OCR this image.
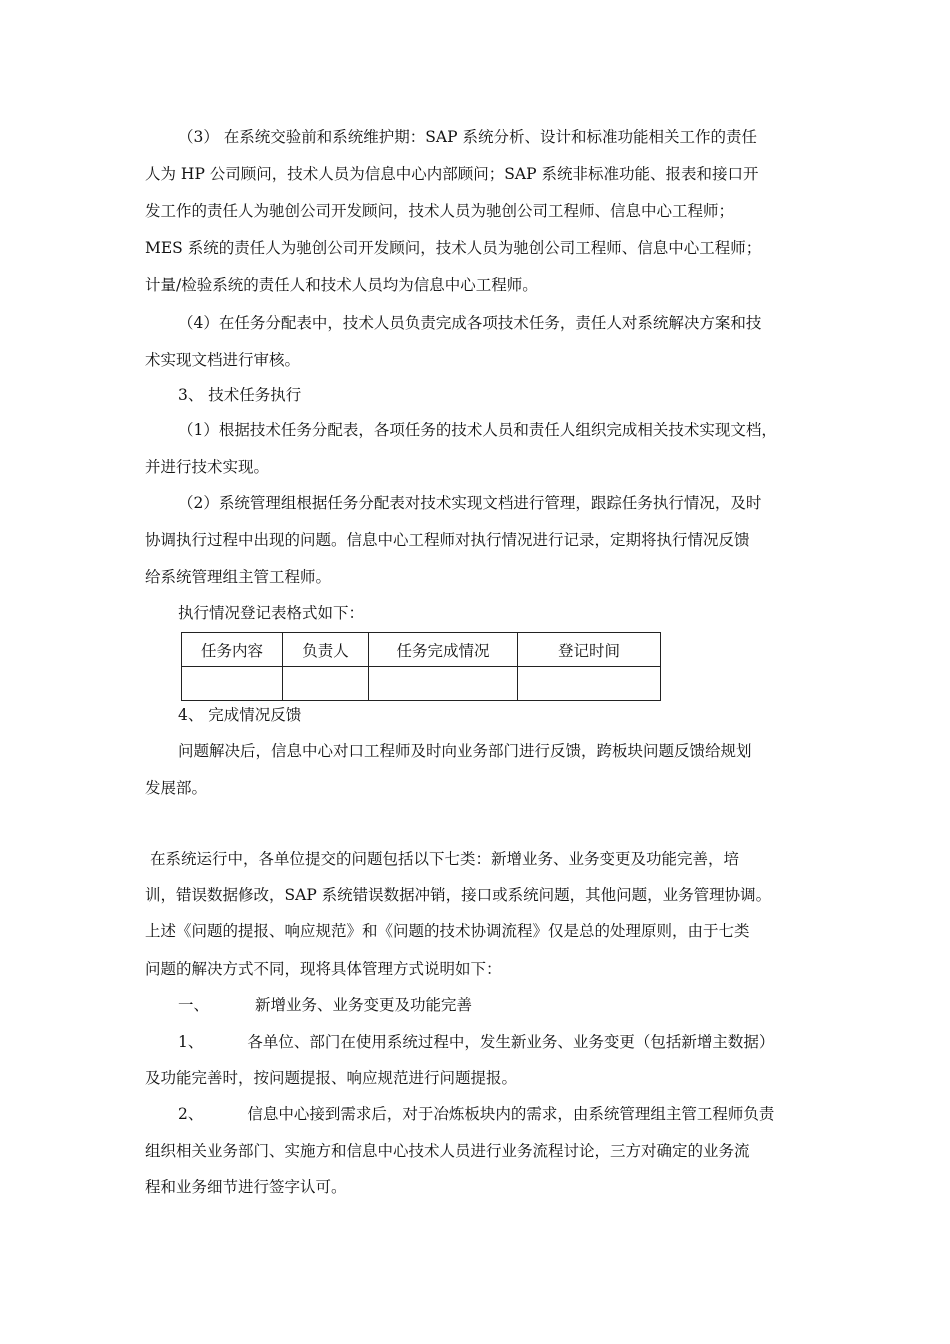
（3） 在系统交验前和系统维护期：SAP 系统分析、设计和标准功能相关工作的责任

人为 HP 公司顾问，技术人员为信息中心内部顾问；SAP 系统非标准功能、报表和接口开

发工作的责任人为驰创公司开发顾问，技术人员为驰创公司工程师、信息中心工程师；

MES 系统的责任人为驰创公司开发顾问，技术人员为驰创公司工程师、信息中心工程师；

计量/检验系统的责任人和技术人员均为信息中心工程师。

（4）在任务分配表中，技术人员负责完成各项技术任务，责任人对系统解决方案和技

术实现文档进行审核。

3、 技术任务执行

（1）根据技术任务分配表，各项任务的技术人员和责任人组织完成相关技术实现文档，

并进行技术实现。

（2）系统管理组根据任务分配表对技术实现文档进行管理，跟踪任务执行情况，及时

协调执行过程中出现的问题。信息中心工程师对执行情况进行记录，定期将执行情况反馈

给系统管理组主管工程师。

执行情况登记表格式如下：

任务内容	负责人	任务完成情况	登记时间

4、 完成情况反馈

问题解决后，信息中心对口工程师及时向业务部门进行反馈，跨板块问题反馈给规划

发展部。

在系统运行中，各单位提交的问题包括以下七类：新增业务、业务变更及功能完善，培

训，错误数据修改，SAP 系统错误数据冲销，接口或系统问题，其他问题，业务管理协调。

上述《问题的提报、响应规范》和《问题的技术协调流程》仅是总的处理原则，由于七类

问题的解决方式不同，现将具体管理方式说明如下：

一、	新增业务、业务变更及功能完善

1、	各单位、部门在使用系统过程中，发生新业务、业务变更（包括新增主数据）

及功能完善时，按问题提报、响应规范进行问题提报。

2、	信息中心接到需求后，对于冶炼板块内的需求，由系统管理组主管工程师负责

组织相关业务部门、实施方和信息中心技术人员进行业务流程讨论，三方对确定的业务流

程和业务细节进行签字认可。
